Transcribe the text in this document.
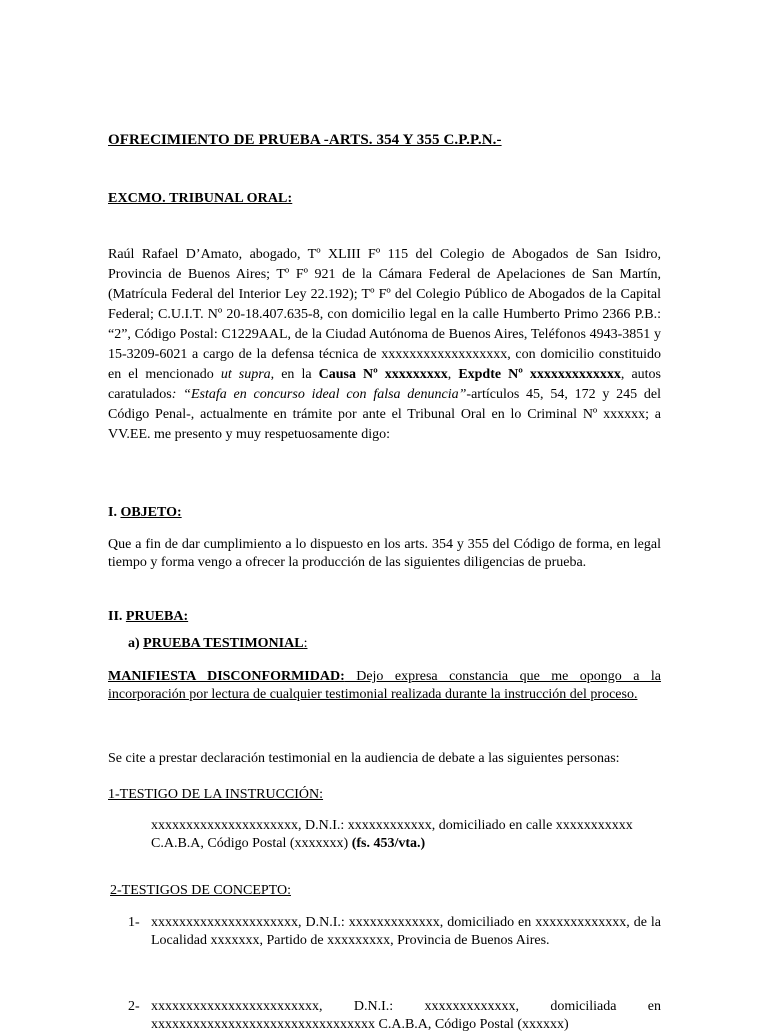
OFRECIMIENTO DE PRUEBA -ARTS. 354 Y 355 C.P.P.N.-
EXCMO. TRIBUNAL ORAL:

Raúl Rafael D’Amato, abogado, Tº XLIII Fº 115 del Colegio de Abogados de San Isidro, Provincia de Buenos Aires; Tº Fº 921 de la Cámara Federal de Apelaciones de San Martín, (Matrícula Federal del Interior Ley 22.192); Tº Fº del Colegio Público de Abogados de la Capital Federal; C.U.I.T. Nº 20-18.407.635-8, con domicilio legal en la calle Humberto Primo 2366 P.B.: “2”, Código Postal: C1229AAL, de la Ciudad Autónoma de Buenos Aires, Teléfonos 4943-3851 y 15-3209-6021 a cargo de la defensa técnica de xxxxxxxxxxxxxxxxxx, con domicilio constituido en el mencionado ut supra, en la Causa Nº xxxxxxxxx, Expdte Nº xxxxxxxxxxxxx, autos caratulados: “Estafa en concurso ideal con falsa denuncia”-artículos 45, 54, 172 y 245 del Código Penal-, actualmente en trámite por ante el Tribunal Oral en lo Criminal Nº xxxxxx; a VV.EE. me presento y muy respetuosamente digo:

I. OBJETO:

Que a fin de dar cumplimiento a lo dispuesto en los arts. 354 y 355 del Código de forma, en legal tiempo y forma vengo a ofrecer la producción de las siguientes diligencias de prueba.

II. PRUEBA:
a) PRUEBA TESTIMONIAL:

MANIFIESTA DISCONFORMIDAD: Dejo expresa constancia que me opongo a la incorporación por lectura de cualquier testimonial realizada durante la instrucción del proceso.

Se cite a prestar declaración testimonial en la audiencia de debate a las siguientes personas:

1-TESTIGO DE LA INSTRUCCIÓN:

xxxxxxxxxxxxxxxxxxxxx, D.N.I.: xxxxxxxxxxxx, domiciliado en calle xxxxxxxxxxx C.A.B.A, Código Postal (xxxxxxx) (fs. 453/vta.)

2-TESTIGOS DE CONCEPTO:
1- xxxxxxxxxxxxxxxxxxxxx, D.N.I.: xxxxxxxxxxxxx, domiciliado en xxxxxxxxxxxxx, de la Localidad xxxxxxx, Partido de xxxxxxxxx, Provincia de Buenos Aires.
2- xxxxxxxxxxxxxxxxxxxxxxxx, D.N.I.: xxxxxxxxxxxxx, domiciliada en xxxxxxxxxxxxxxxxxxxxxxxxxxxxxxxx C.A.B.A, Código Postal (xxxxxx)
